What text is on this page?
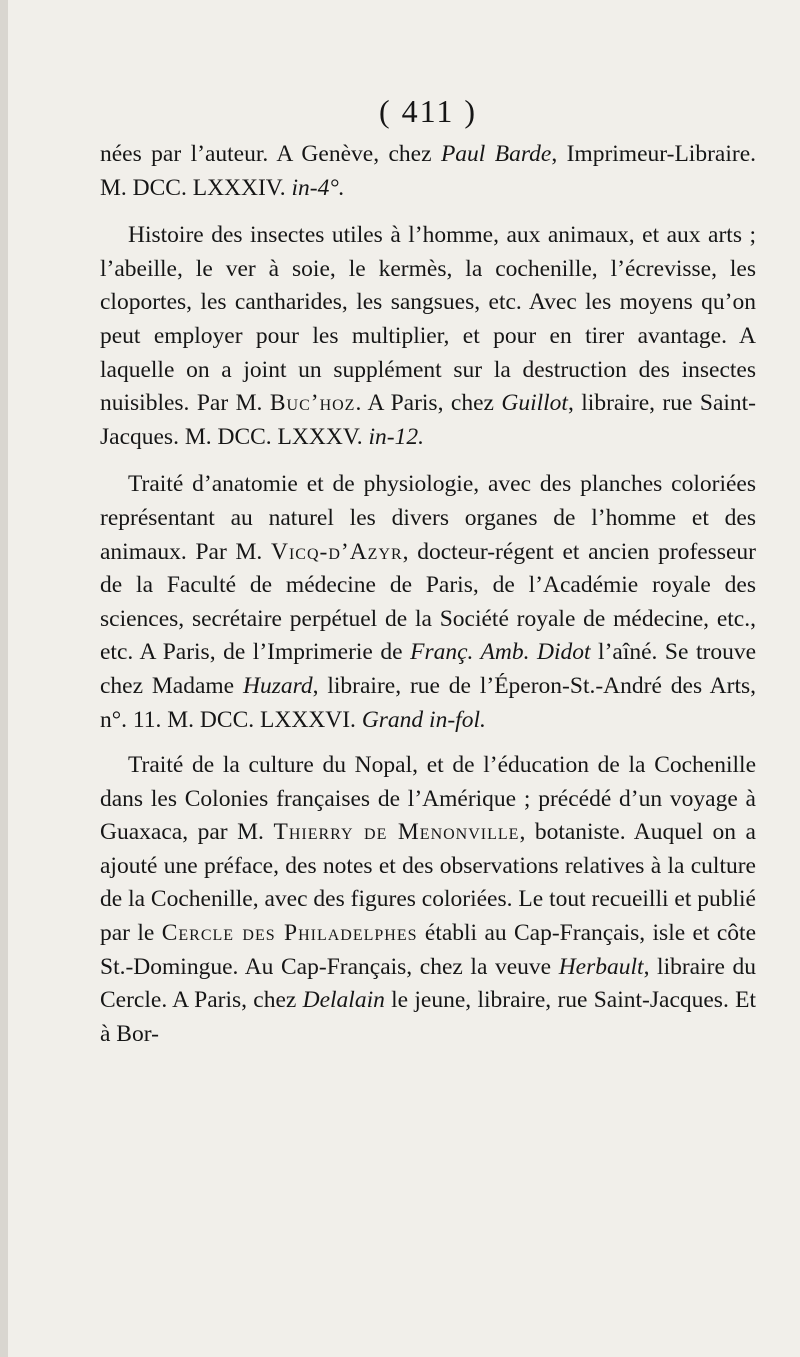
( 411 )

nées par l’auteur. A Genève, chez Paul Barde, Imprimeur-Libraire. M. DCC. LXXXIV. in-4°.

Histoire des insectes utiles à l’homme, aux animaux, et aux arts ; l’abeille, le ver à soie, le kermès, la cochenille, l’écrevisse, les cloportes, les cantharides, les sangsues, etc. Avec les moyens qu’on peut employer pour les multiplier, et pour en tirer avantage. A laquelle on a joint un supplément sur la destruction des insectes nuisibles. Par M. Buc’hoz. A Paris, chez Guillot, libraire, rue Saint-Jacques. M. DCC. LXXXV. in-12.

Traité d’anatomie et de physiologie, avec des planches coloriées représentant au naturel les divers organes de l’homme et des animaux. Par M. Vicq-d’Azyr, docteur-régent et ancien professeur de la Faculté de médecine de Paris, de l’Académie royale des sciences, secrétaire perpétuel de la Société royale de médecine, etc., etc. A Paris, de l’Imprimerie de Franç. Amb. Didot l’aîné. Se trouve chez Madame Huzard, libraire, rue de l’Éperon-St.-André des Arts, n°. 11. M. DCC. LXXXVI. Grand in-fol.

Traité de la culture du Nopal, et de l’éducation de la Cochenille dans les Colonies françaises de l’Amérique ; précédé d’un voyage à Guaxaca, par M. Thierry de Menonville, botaniste. Auquel on a ajouté une préface, des notes et des observations relatives à la culture de la Cochenille, avec des figures coloriées. Le tout recueilli et publié par le Cercle des Philadelphes établi au Cap-Français, isle et côte St.-Domingue. Au Cap-Français, chez la veuve Herbault, libraire du Cercle. A Paris, chez Delalain le jeune, libraire, rue Saint-Jacques. Et à Bor-
